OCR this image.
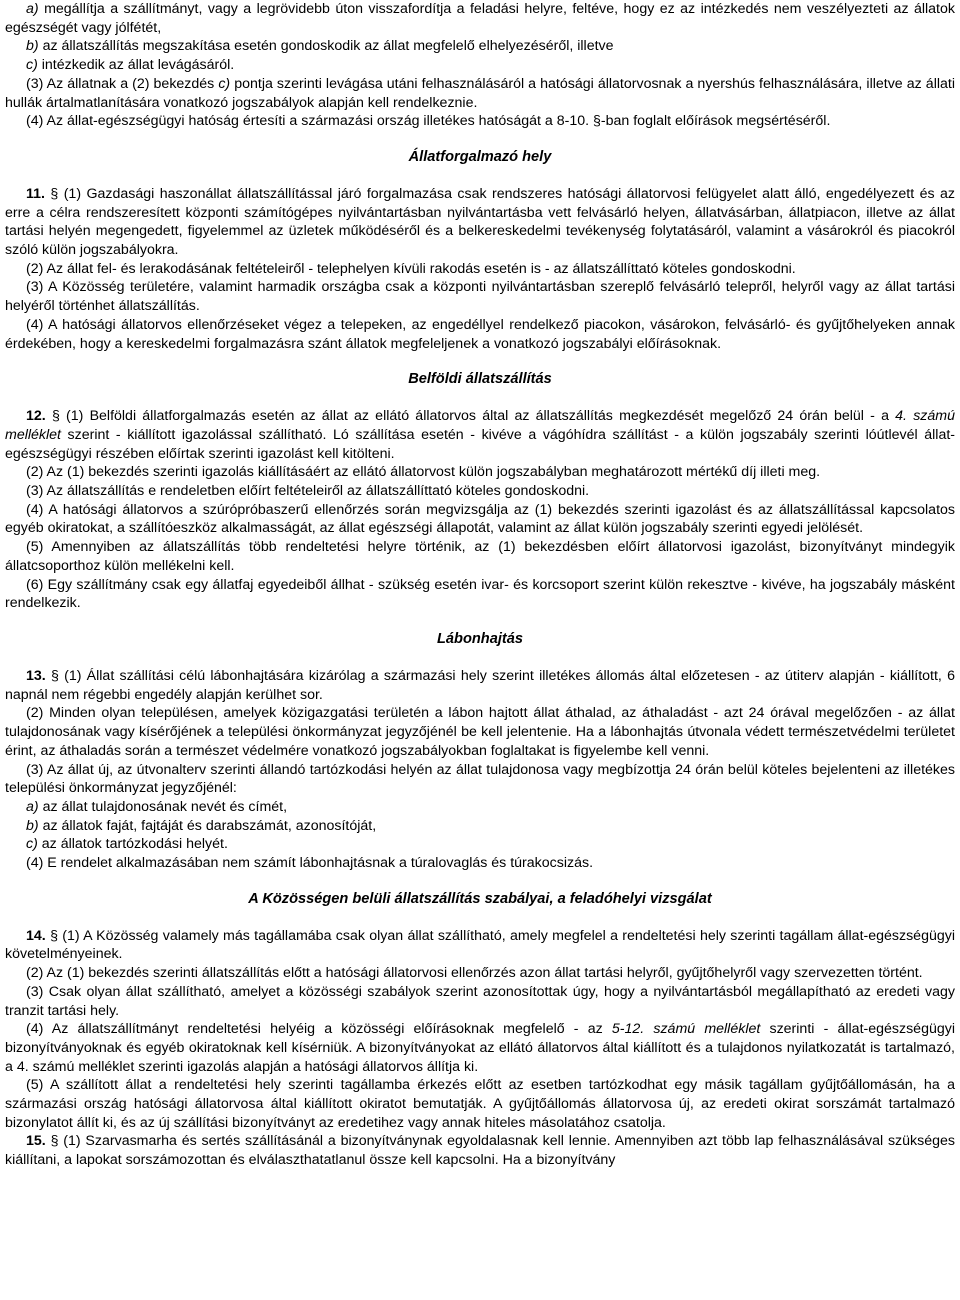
a) megállítja a szállítmányt, vagy a legrövidebb úton visszafordítja a feladási helyre, feltéve, hogy ez az intézkedés nem veszélyezteti az állatok egészségét vagy jólfétét,

b) az állatszállítás megszakítása esetén gondoskodik az állat megfelelő elhelyezéséről, illetve

c) intézkedik az állat levágásáról.

(3) Az állatnak a (2) bekezdés c) pontja szerinti levágása utáni felhasználásáról a hatósági állatorvosnak a nyershús felhasználására, illetve az állati hullák ártalmatlanítására vonatkozó jogszabályok alapján kell rendelkeznie.

(4) Az állat-egészségügyi hatóság értesíti a származási ország illetékes hatóságát a 8-10. §-ban foglalt előírások megsértéséről.

Állatforgalmazó hely

11. § (1) Gazdasági haszonállat állatszállítással járó forgalmazása csak rendszeres hatósági állatorvosi felügyelet alatt álló, engedélyezett és az erre a célra rendszeresített központi számítógépes nyilvántartásban nyilvántartásba vett felvásárló helyen, állatvásárban, állatpiacon, illetve az állat tartási helyén megengedett, figyelemmel az üzletek működéséről és a belkereskedelmi tevékenység folytatásáról, valamint a vásárokról és piacokról szóló külön jogszabályokra.

(2) Az állat fel- és lerakodásának feltételeiről - telephelyen kívüli rakodás esetén is - az állatszállíttató köteles gondoskodni.

(3) A Közösség területére, valamint harmadik országba csak a központi nyilvántartásban szereplő felvásárló telepről, helyről vagy az állat tartási helyéről történhet állatszállítás.

(4) A hatósági állatorvos ellenőrzéseket végez a telepeken, az engedéllyel rendelkező piacokon, vásárokon, felvásárló- és gyűjtőhelyeken annak érdekében, hogy a kereskedelmi forgalmazásra szánt állatok megfeleljenek a vonatkozó jogszabályi előírásoknak.

Belföldi állatszállítás

12. § (1) Belföldi állatforgalmazás esetén az állat az ellátó állatorvos által az állatszállítás megkezdését megelőző 24 órán belül - a 4. számú melléklet szerint - kiállított igazolással szállítható. Ló szállítása esetén - kivéve a vágóhídra szállítást - a külön jogszabály szerinti lóútlevél állat-egészségügyi részében előírtak szerinti igazolást kell kitölteni.

(2) Az (1) bekezdés szerinti igazolás kiállításáért az ellátó állatorvost külön jogszabályban meghatározott mértékű díj illeti meg.

(3) Az állatszállítás e rendeletben előírt feltételeiről az állatszállíttató köteles gondoskodni.

(4) A hatósági állatorvos a szúrópróbaszerű ellenőrzés során megvizsgálja az (1) bekezdés szerinti igazolást és az állatszállítással kapcsolatos egyéb okiratokat, a szállítóeszköz alkalmasságát, az állat egészségi állapotát, valamint az állat külön jogszabály szerinti egyedi jelölését.

(5) Amennyiben az állatszállítás több rendeltetési helyre történik, az (1) bekezdésben előírt állatorvosi igazolást, bizonyítványt mindegyik állatcsoporthoz külön mellékelni kell.

(6) Egy szállítmány csak egy állatfaj egyedeiből állhat - szükség esetén ivar- és korcsoport szerint külön rekesztve - kivéve, ha jogszabály másként rendelkezik.

Lábonhajtás

13. § (1) Állat szállítási célú lábonhajtására kizárólag a származási hely szerint illetékes állomás által előzetesen - az útiterv alapján - kiállított, 6 napnál nem régebbi engedély alapján kerülhet sor.

(2) Minden olyan településen, amelyek közigazgatási területén a lábon hajtott állat áthalad, az áthaladást - azt 24 órával megelőzően - az állat tulajdonosának vagy kísérőjének a települési önkormányzat jegyzőjénél be kell jelentenie. Ha a lábonhajtás útvonala védett természetvédelmi területet érint, az áthaladás során a természet védelmére vonatkozó jogszabályokban foglaltakat is figyelembe kell venni.

(3) Az állat új, az útvonalterv szerinti állandó tartózkodási helyén az állat tulajdonosa vagy megbízottja 24 órán belül köteles bejelenteni az illetékes települési önkormányzat jegyzőjénél:

a) az állat tulajdonosának nevét és címét,

b) az állatok faját, fajtáját és darabszámát, azonosítóját,

c) az állatok tartózkodási helyét.

(4) E rendelet alkalmazásában nem számít lábonhajtásnak a túralovaglás és túrakocsizás.

A Közösségen belüli állatszállítás szabályai, a feladóhelyi vizsgálat

14. § (1) A Közösség valamely más tagállamába csak olyan állat szállítható, amely megfelel a rendeltetési hely szerinti tagállam állat-egészségügyi követelményeinek.

(2) Az (1) bekezdés szerinti állatszállítás előtt a hatósági állatorvosi ellenőrzés azon állat tartási helyről, gyűjtőhelyről vagy szervezetten történt.

(3) Csak olyan állat szállítható, amelyet a közösségi szabályok szerint azonosítottak úgy, hogy a nyilvántartásból megállapítható az eredeti vagy tranzit tartási hely.

(4) Az állatszállítmányt rendeltetési helyéig a közösségi előírásoknak megfelelő - az 5-12. számú melléklet szerinti - állat-egészségügyi bizonyítványoknak és egyéb okiratoknak kell kísérniük. A bizonyítványokat az ellátó állatorvos által kiállított és a tulajdonos nyilatkozatát is tartalmazó, a 4. számú melléklet szerinti igazolás alapján a hatósági állatorvos állítja ki.

(5) A szállított állat a rendeltetési hely szerinti tagállamba érkezés előtt az esetben tartózkodhat egy másik tagállam gyűjtőállomásán, ha a származási ország hatósági állatorvosa által kiállított okiratot bemutatják. A gyűjtőállomás állatorvosa új, az eredeti okirat sorszámát tartalmazó bizonylatot állít ki, és az új szállítási bizonyítványt az eredetihez vagy annak hiteles másolatához csatolja.

15. § (1) Szarvasmarha és sertés szállításánál a bizonyítványnak egyoldalasnak kell lennie. Amennyiben azt több lap felhasználásával szükséges kiállítani, a lapokat sorszámozottan és elválaszthatatlanul össze kell kapcsolni. Ha a bizonyítvány
